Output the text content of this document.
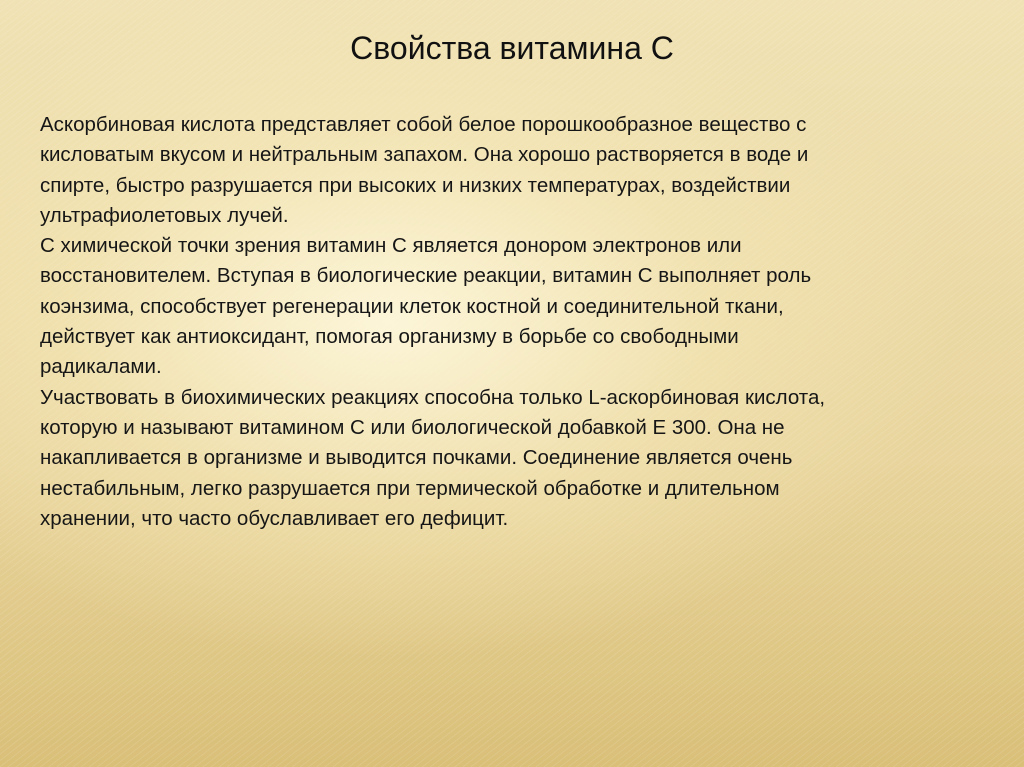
Свойства витамина С

Аскорбиновая кислота представляет собой белое порошкообразное вещество с
кисловатым вкусом и нейтральным запахом. Она хорошо растворяется в воде и
спирте, быстро разрушается при высоких и низких температурах, воздействии
ультрафиолетовых лучей.

С химической точки зрения витамин С является донором электронов или
восстановителем. Вступая в биологические реакции, витамин С выполняет роль
коэнзима, способствует регенерации клеток костной и соединительной ткани,
действует как антиоксидант, помогая организму в борьбе со свободными
радикалами.

Участвовать в биохимических реакциях способна только L-аскорбиновая кислота,
которую и называют витамином С или биологической добавкой Е 300. Она не
накапливается в организме и выводится почками. Соединение является очень
нестабильным, легко разрушается при термической обработке и длительном
хранении, что часто обуславливает его дефицит.
